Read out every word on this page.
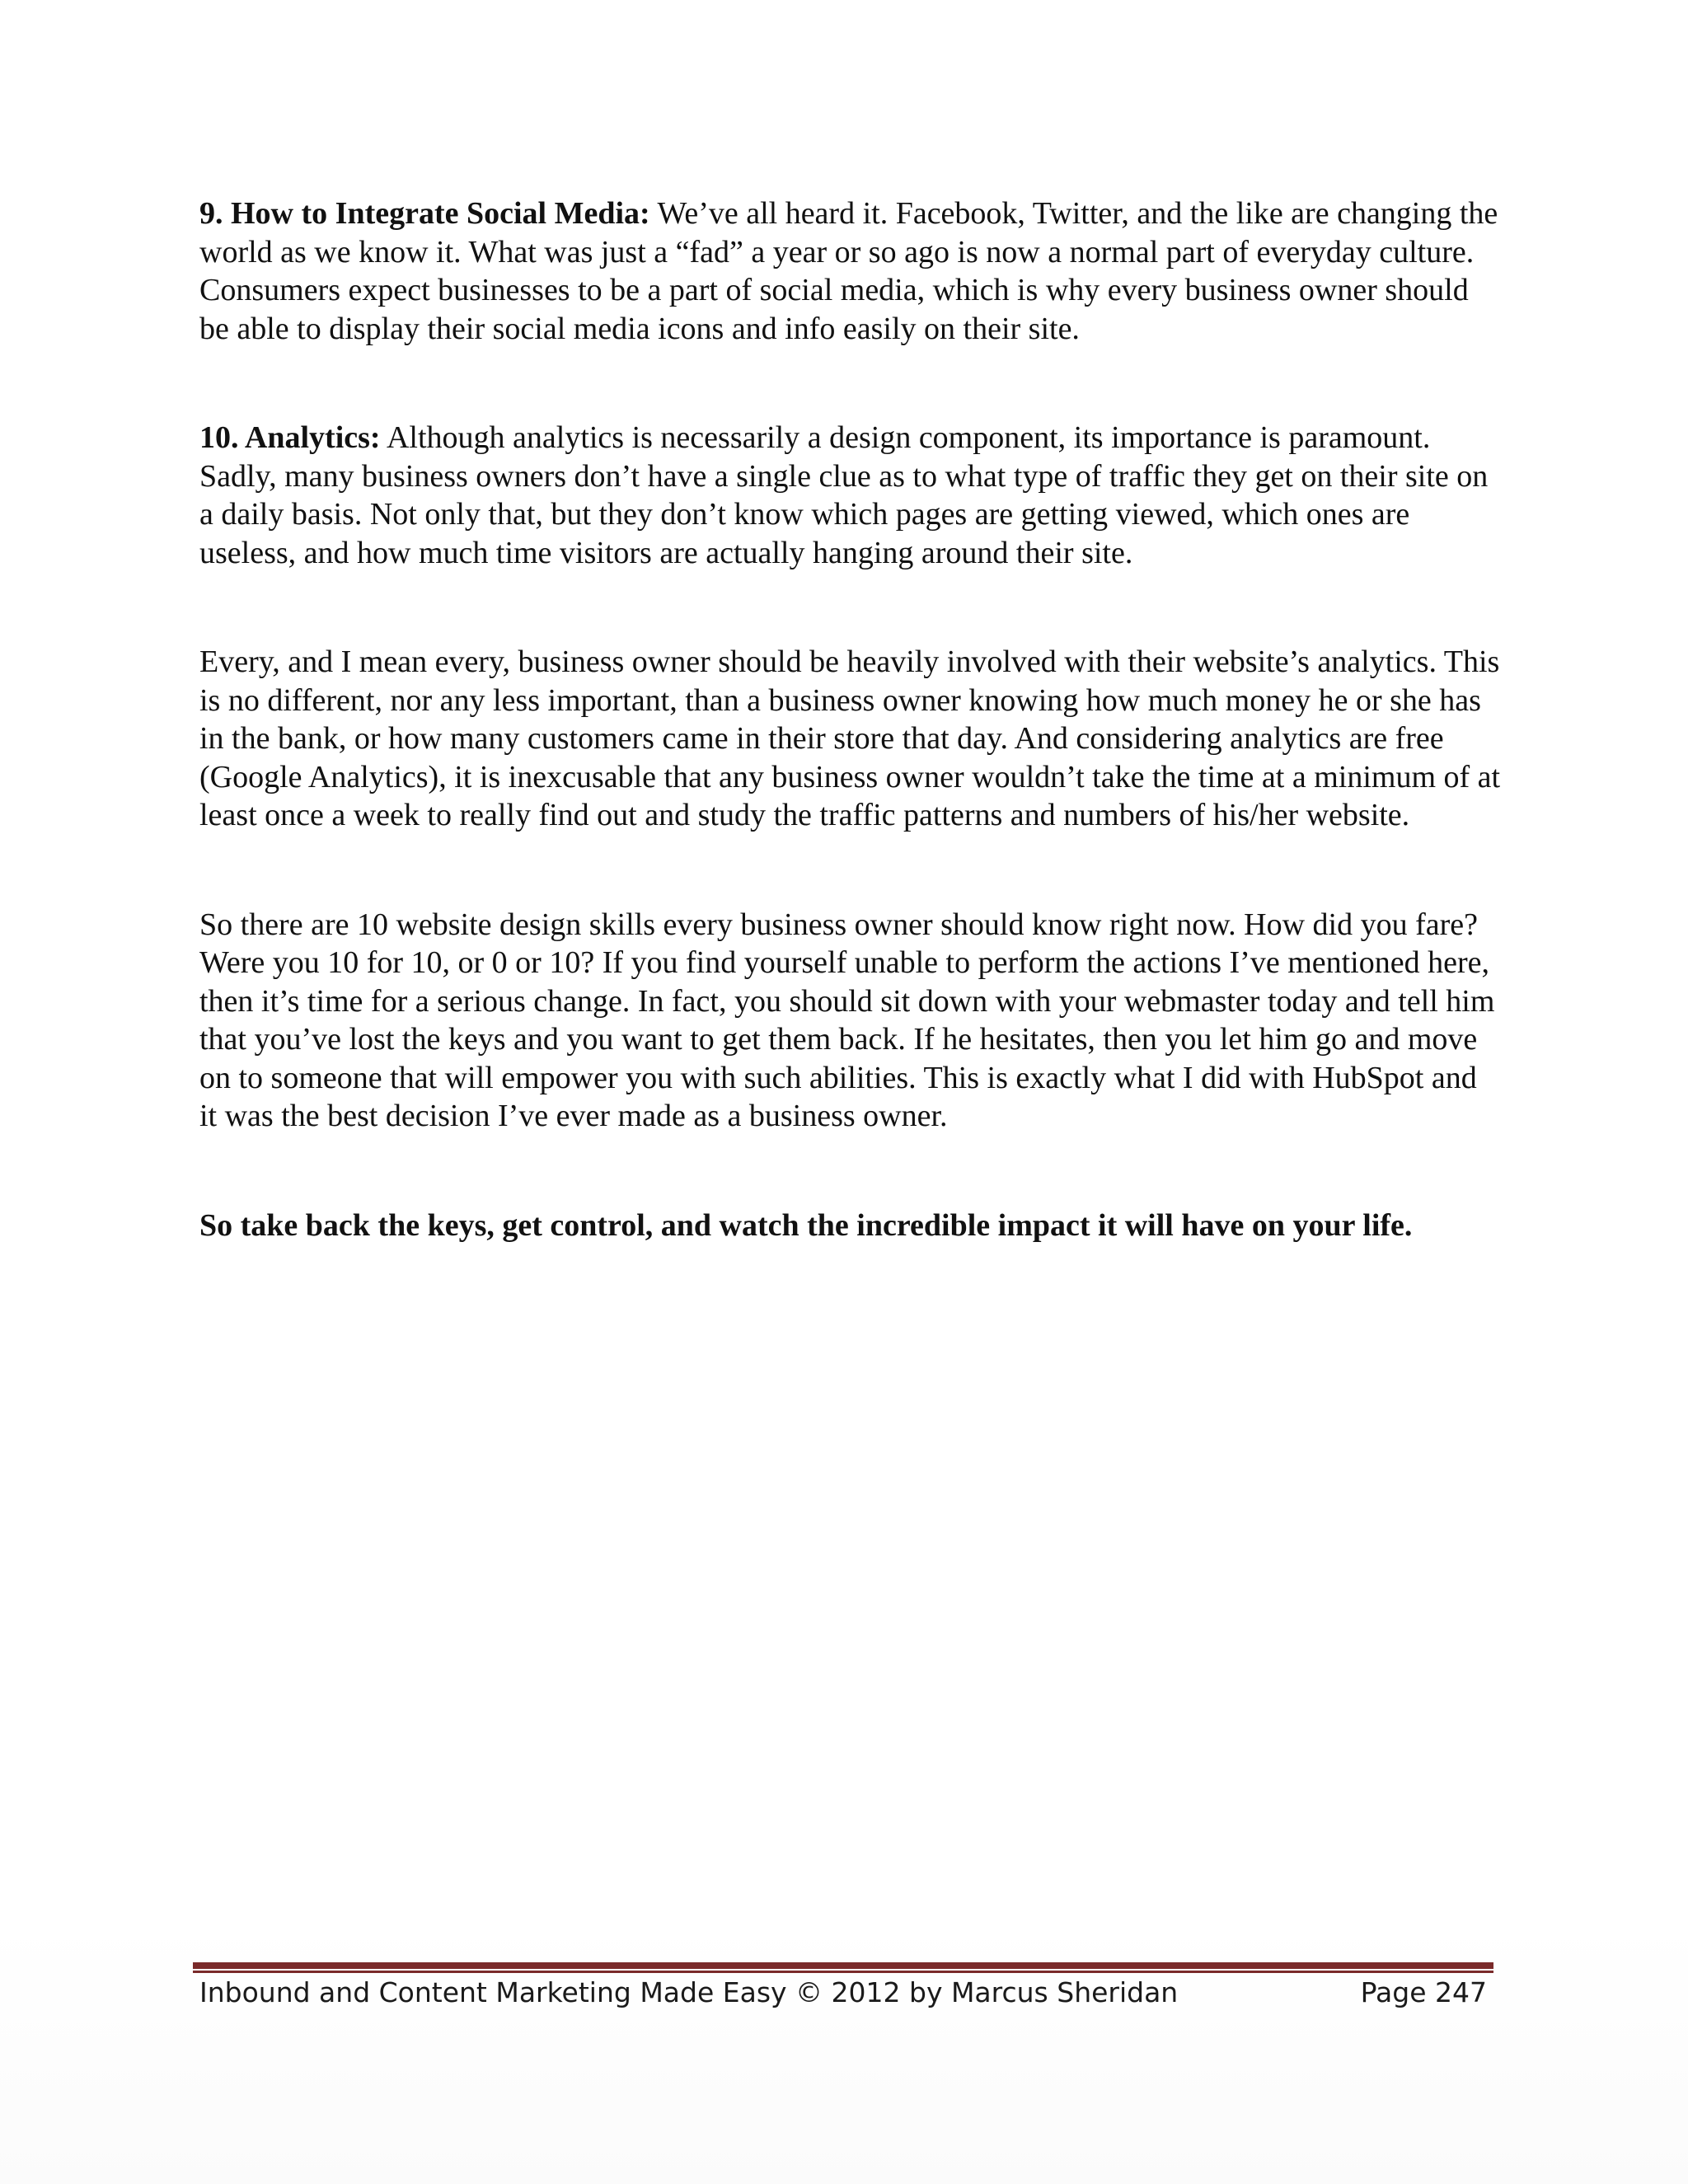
9. How to Integrate Social Media: We’ve all heard it. Facebook, Twitter, and the like are changing the world as we know it. What was just a “fad” a year or so ago is now a normal part of everyday culture. Consumers expect businesses to be a part of social media, which is why every business owner should be able to display their social media icons and info easily on their site.

10. Analytics: Although analytics is necessarily a design component, its importance is paramount. Sadly, many business owners don’t have a single clue as to what type of traffic they get on their site on a daily basis. Not only that, but they don’t know which pages are getting viewed, which ones are useless, and how much time visitors are actually hanging around their site.

Every, and I mean every, business owner should be heavily involved with their website’s analytics. This is no different, nor any less important, than a business owner knowing how much money he or she has in the bank, or how many customers came in their store that day. And considering analytics are free (Google Analytics), it is inexcusable that any business owner wouldn’t take the time at a minimum of at least once a week to really find out and study the traffic patterns and numbers of his/her website.

So there are 10 website design skills every business owner should know right now. How did you fare? Were you 10 for 10, or 0 or 10? If you find yourself unable to perform the actions I’ve mentioned here, then it’s time for a serious change. In fact, you should sit down with your webmaster today and tell him that you’ve lost the keys and you want to get them back. If he hesitates, then you let him go and move on to someone that will empower you with such abilities. This is exactly what I did with HubSpot and it was the best decision I’ve ever made as a business owner.

So take back the keys, get control, and watch the incredible impact it will have on your life.

Inbound and Content Marketing Made Easy © 2012 by Marcus Sheridan	Page 247
